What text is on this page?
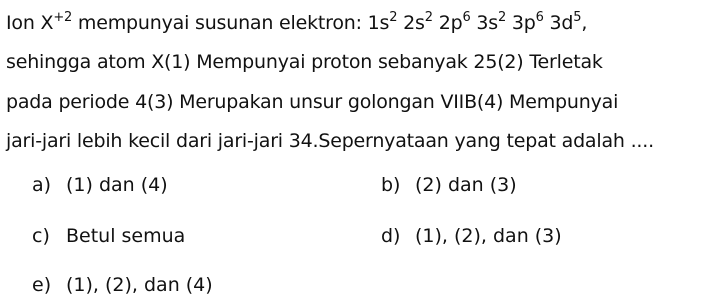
Ion $X^{+2}$ mempunyai susunan elektron: $1s^2$ $2s^2$ $2p^6$ $3s^2$ $3p^6$ $3d^5$,
sehingga atom X(1) Mempunyai proton sebanyak 25(2) Terletak
pada periode 4(3) Merupakan unsur golongan VIIB(4) Mempunyai
jari-jari lebih kecil dari jari-jari 34.Sepernyataan yang tepat adalah ....
a) (1) dan (4)	b) (2) dan (3)
c) Betul semua	d) (1), (2), dan (3)
e) (1), (2), dan (4)
